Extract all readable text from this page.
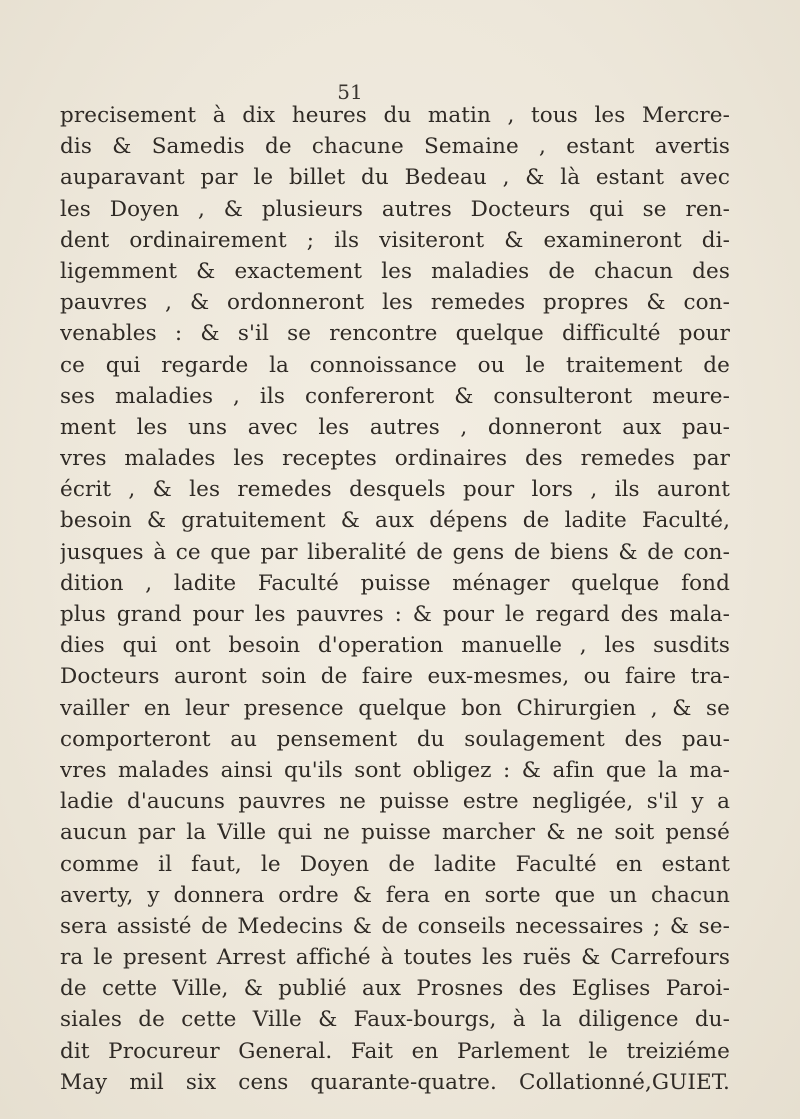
51
precisement à dix heures du matin , tous les Mercre-
dis & Samedis de chacune Semaine , estant avertis
auparavant par le billet du Bedeau , & là estant avec
les Doyen , & plusieurs autres Docteurs qui se ren-
dent ordinairement ; ils visiteront & examineront di-
ligemment & exactement les maladies de chacun des
pauvres , & ordonneront les remedes propres & con-
venables : & s'il se rencontre quelque difficulté pour
ce qui regarde la connoissance ou le traitement de
ses maladies , ils confereront & consulteront meure-
ment les uns avec les autres , donneront aux pau-
vres malades les receptes ordinaires des remedes par
écrit , & les remedes desquels pour lors , ils auront
besoin & gratuitement & aux dépens de ladite Faculté,
jusques à ce que par liberalité de gens de biens & de con-
dition , ladite Faculté puisse ménager quelque fond
plus grand pour les pauvres : & pour le regard des mala-
dies qui ont besoin d'operation manuelle , les susdits
Docteurs auront soin de faire eux-mesmes, ou faire tra-
vailler en leur presence quelque bon Chirurgien , & se
comporteront au pensement du soulagement des pau-
vres malades ainsi qu'ils sont obligez : & afin que la ma-
ladie d'aucuns pauvres ne puisse estre negligée, s'il y a
aucun par la Ville qui ne puisse marcher & ne soit pensé
comme il faut, le Doyen de ladite Faculté en estant
averty, y donnera ordre & fera en sorte que un chacun
sera assisté de Medecins & de conseils necessaires ; & se-
ra le present Arrest affiché à toutes les ruës & Carrefours
de cette Ville, & publié aux Prosnes des Eglises Paroi-
siales de cette Ville & Faux-bourgs, à la diligence du-
dit Procureur General. Fait en Parlement le treiziéme
May mil six cens quarante-quatre. Collationné,GUIET.
